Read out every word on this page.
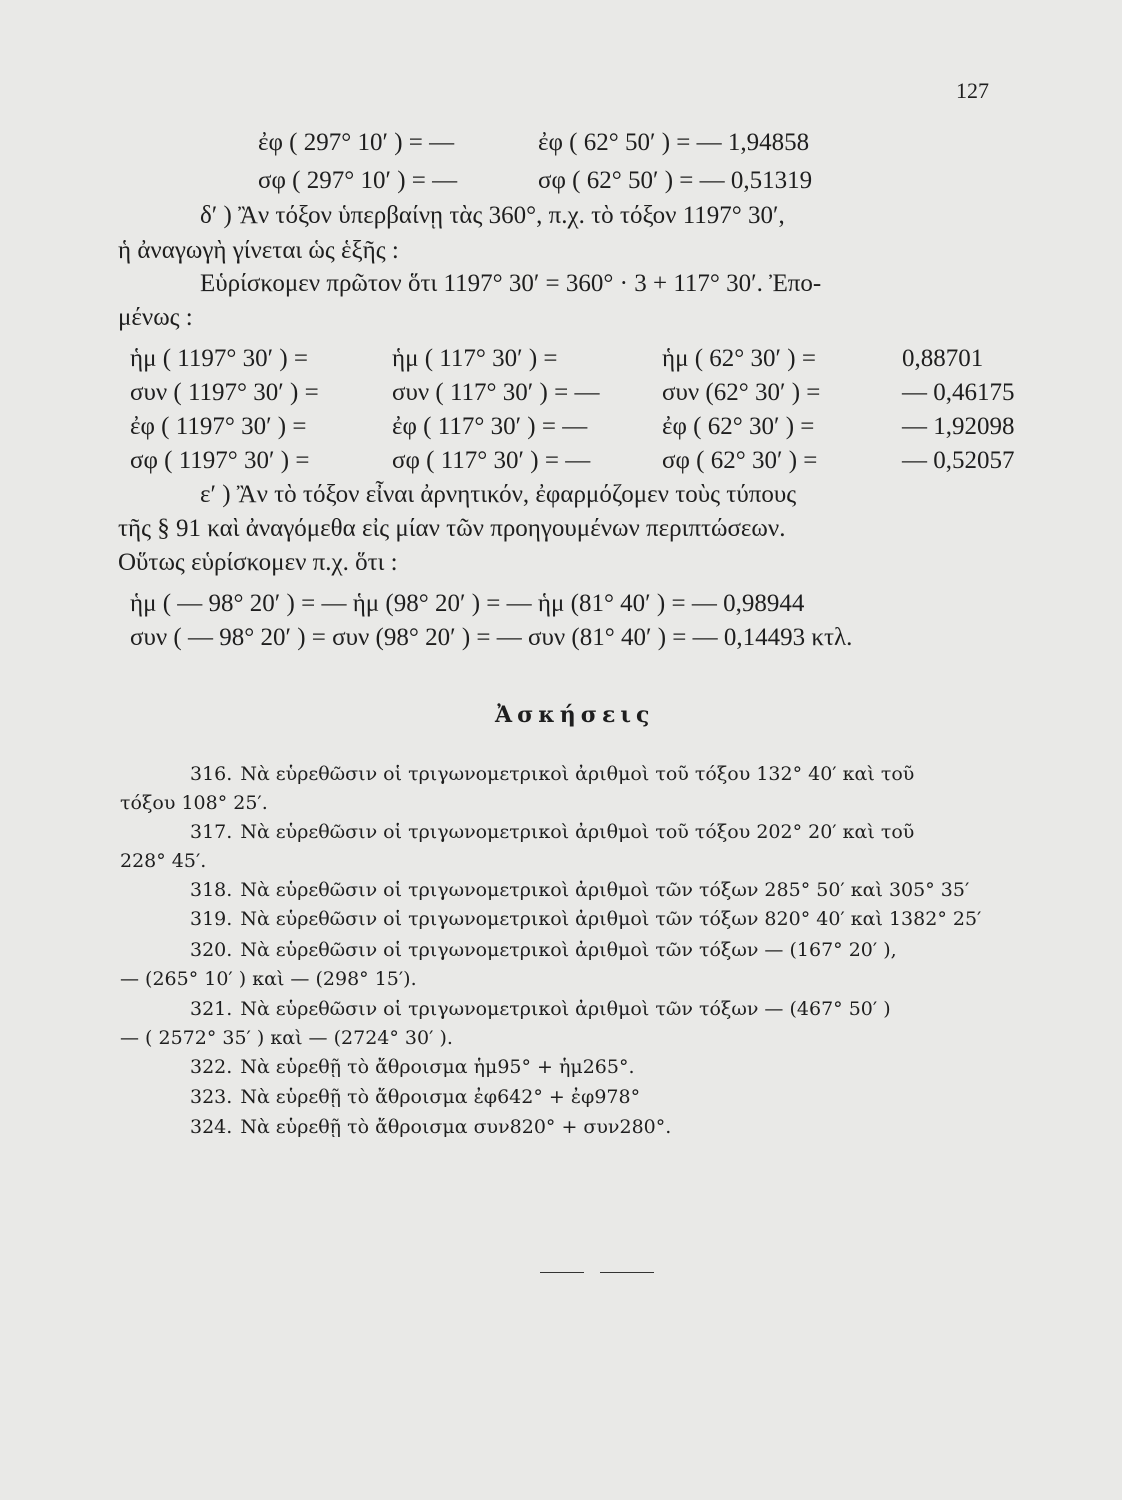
127
ἐφ ( 297° 10′ ) = —	ἐφ ( 62° 50′ ) = — 1,94858
σφ ( 297° 10′ ) = —	σφ ( 62° 50′ ) = — 0,51319
δ′ ) Ἂν τόξον ὑπερβαίνῃ τὰς 360°, π.χ. τὸ τόξον 1197° 30′,
ἡ ἀναγωγὴ γίνεται ὡς ἑξῆς :
Εὑρίσκομεν πρῶτον ὅτι 1197° 30′ = 360° · 3 + 117° 30′. Ἐπο-
μένως :
ἡμ ( 1197° 30′ ) =	ἡμ ( 117° 30′ ) =	ἡμ ( 62° 30′ ) =	0,88701
συν ( 1197° 30′ ) =	συν ( 117° 30′ ) = —	συν (62° 30′ ) =	— 0,46175
ἐφ ( 1197° 30′ ) =	ἐφ ( 117° 30′ ) = —	ἐφ ( 62° 30′ ) =	— 1,92098
σφ ( 1197° 30′ ) =	σφ ( 117° 30′ ) = —	σφ ( 62° 30′ ) =	— 0,52057
ε′ ) Ἂν τὸ τόξον εἶναι ἀρνητικόν, ἐφαρμόζομεν τοὺς τύπους
τῆς § 91 καὶ ἀναγόμεθα εἰς μίαν τῶν προηγουμένων περιπτώσεων.
Οὕτως εὑρίσκομεν π.χ. ὅτι :
ἡμ ( — 98° 20′ ) = — ἡμ (98° 20′ ) = — ἡμ (81° 40′ ) = — 0,98944
συν ( — 98° 20′ ) = συν (98° 20′ ) = — συν (81° 40′ ) = — 0,14493 κτλ.
Ἀσκήσεις
316. Νὰ εὑρεθῶσιν οἱ τριγωνομετρικοὶ ἀριθμοὶ τοῦ τόξου 132° 40′ καὶ τοῦ
τόξου 108° 25′.
317. Νὰ εὑρεθῶσιν οἱ τριγωνομετρικοὶ ἀριθμοὶ τοῦ τόξου 202° 20′ καὶ τοῦ
228° 45′.
318. Νὰ εὑρεθῶσιν οἱ τριγωνομετρικοὶ ἀριθμοὶ τῶν τόξων 285° 50′ καὶ 305° 35′
319. Νὰ εὑρεθῶσιν οἱ τριγωνομετρικοὶ ἀριθμοὶ τῶν τόξων 820° 40′ καὶ 1382° 25′
320. Νὰ εὑρεθῶσιν οἱ τριγωνομετρικοὶ ἀριθμοὶ τῶν τόξων — (167° 20′ ),
— (265° 10′ ) καὶ — (298° 15′).
321. Νὰ εὑρεθῶσιν οἱ τριγωνομετρικοὶ ἀριθμοὶ τῶν τόξων — (467° 50′ )
— ( 2572° 35′ ) καὶ — (2724° 30′ ).
322. Νὰ εὑρεθῇ τὸ ἄθροισμα ἡμ95° + ἡμ265°.
323. Νὰ εὑρεθῇ τὸ ἄθροισμα ἐφ642° + ἐφ978°
324. Νὰ εὑρεθῇ τὸ ἄθροισμα συν820° + συν280°.
